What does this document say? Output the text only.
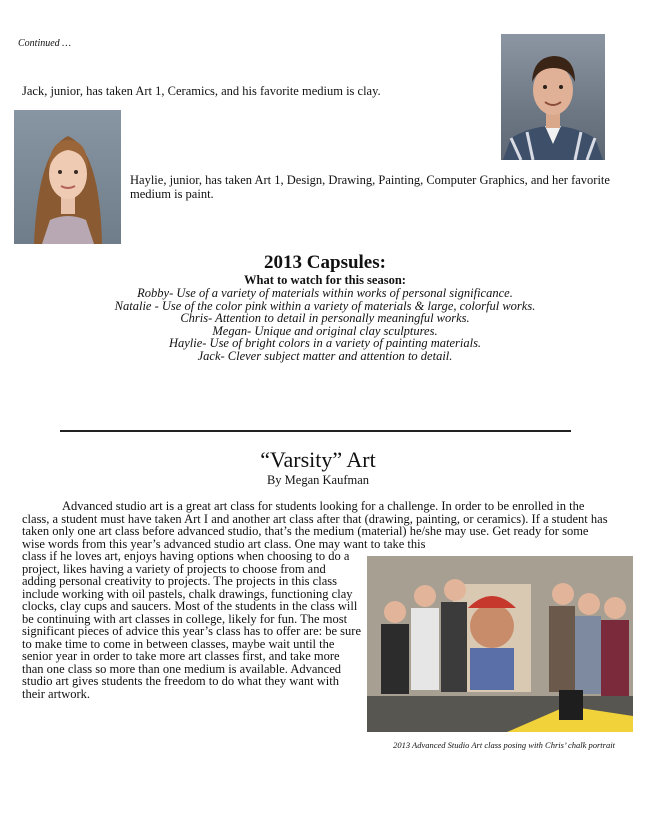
Continued …
Jack, junior, has taken Art 1, Ceramics, and his favorite medium is clay.
Haylie, junior, has taken Art 1, Design, Drawing, Painting, Computer Graphics, and her favorite medium is paint.
2013 Capsules:
What to watch for this season:
Robby- Use of a variety of materials within works of personal significance.
Natalie - Use of the color pink within a variety of materials & large, colorful works.
Chris- Attention to detail in personally meaningful works.
Megan- Unique and original clay sculptures.
Haylie- Use of bright colors in a variety of painting materials.
Jack- Clever subject matter and attention to detail.
“Varsity” Art
By Megan Kaufman

Advanced studio art is a great art class for students looking for a challenge. In order to be enrolled in the class, a student must have taken Art I and another art class after that (drawing, painting, or ceramics). If a student has taken only one art class before advanced studio, that’s the medium (material) he/she may use. Get ready for some wise words from this year’s advanced studio art class. One may want to take this

class if he loves art, enjoys having options when choosing to do a project, likes having a variety of projects to choose from and adding personal creativity to projects. The projects in this class include working with oil pastels, chalk drawings, functioning clay clocks, clay cups and saucers. Most of the students in the class will be continuing with art classes in college, likely for fun. The most significant pieces of advice this year’s class has to offer are: be sure to make time to come in between classes, maybe wait until the senior year in order to take more art classes first, and take more than one class so more than one medium is available. Advanced studio art gives students the freedom to do what they want with their artwork.
2013 Advanced Studio Art class posing with Chris’ chalk portrait
